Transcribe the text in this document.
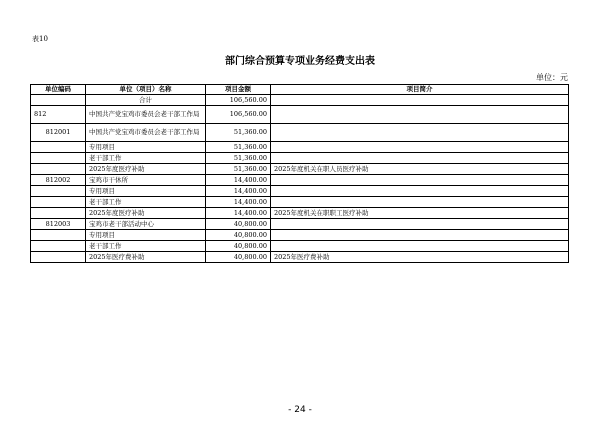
表10
部门综合预算专项业务经费支出表
单位：元
单位编码	单位（项目）名称	项目金额	项目简介
	合计	106,560.00	
812	中国共产党宝鸡市委员会老干部工作局	106,560.00	
812001	中国共产党宝鸡市委员会老干部工作局	51,360.00	
	专用项目	51,360.00	
	老干部工作	51,360.00	
	2025年度医疗补助	51,360.00	2025年度机关在职人员医疗补助
812002	宝鸡市干休所	14,400.00	
	专用项目	14,400.00	
	老干部工作	14,400.00	
	2025年度医疗补助	14,400.00	2025年度机关在职职工医疗补助
812003	宝鸡市老干部活动中心	40,800.00	
	专用项目	40,800.00	
	老干部工作	40,800.00	
	2025年医疗费补助	40,800.00	2025年医疗费补助
- 24 -
